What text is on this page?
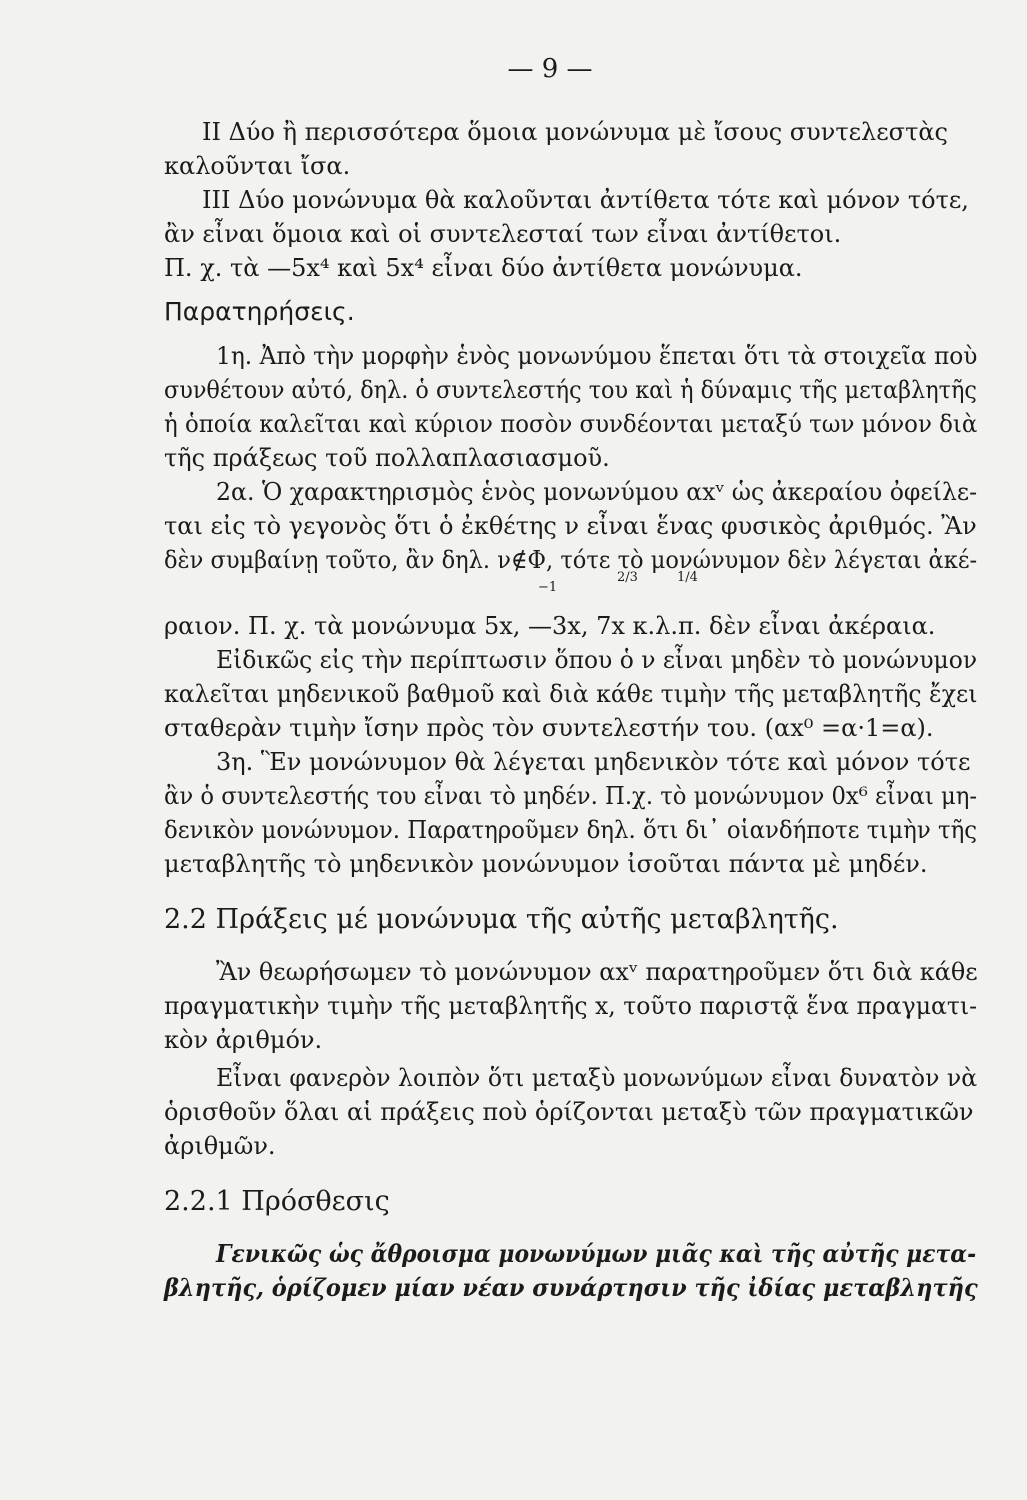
— 9 —
II Δύο ἢ περισσότερα ὅμοια μονώνυμα μὲ ἴσους συντελεστὰς
καλοῦνται ἴσα.
III Δύο μονώνυμα θὰ καλοῦνται ἀντίθετα τότε καὶ μόνον τότε,
ἂν εἶναι ὅμοια καὶ οἱ συντελεσταί των εἶναι ἀντίθετοι.
Π. χ. τὰ —5x⁴ καὶ 5x⁴ εἶναι δύο ἀντίθετα μονώνυμα.
Παρατηρήσεις.
1η. Ἀπὸ τὴν μορφὴν ἑνὸς μονωνύμου ἕπεται ὅτι τὰ στοιχεῖα ποὺ
συνθέτουν αὐτό, δηλ. ὁ συντελεστής του καὶ ἡ δύναμις τῆς μεταβλητῆς
ἡ ὁποία καλεῖται καὶ κύριον ποσὸν συνδέονται μεταξύ των μόνον διὰ
τῆς πράξεως τοῦ πολλαπλασιασμοῦ.
2α. Ὁ χαρακτηρισμὸς ἑνὸς μονωνύμου αxᵛ ὡς ἀκεραίου ὀφείλε-
ται εἰς τὸ γεγονὸς ὅτι ὁ ἐκθέτης ν εἶναι ἕνας φυσικὸς ἀριθμός. Ἂν
δὲν συμβαίνῃ τοῦτο, ἂν δηλ. ν∉Φ, τότε τὸ μονώνυμον δὲν λέγεται ἀκέ-
−1
2/3	1/4
ραιον. Π. χ. τὰ μονώνυμα 5x, —3x, 7x κ.λ.π. δὲν εἶναι ἀκέραια.
Εἰδικῶς εἰς τὴν περίπτωσιν ὅπου ὁ ν εἶναι μηδὲν τὸ μονώνυμον
καλεῖται μηδενικοῦ βαθμοῦ καὶ διὰ κάθε τιμὴν τῆς μεταβλητῆς ἔχει
σταθερὰν τιμὴν ἴσην πρὸς τὸν συντελεστήν του. (αx⁰ =α·1=α).
3η. Ἓν μονώνυμον θὰ λέγεται μηδενικὸν τότε καὶ μόνον τότε
ἂν ὁ συντελεστής του εἶναι τὸ μηδέν. Π.χ. τὸ μονώνυμον 0x⁶ εἶναι μη-
δενικὸν μονώνυμον. Παρατηροῦμεν δηλ. ὅτι δι᾽ οἱανδήποτε τιμὴν τῆς
μεταβλητῆς τὸ μηδενικὸν μονώνυμον ἰσοῦται πάντα μὲ μηδέν.
2.2 Πράξεις μέ μονώνυμα τῆς αὐτῆς μεταβλητῆς.
Ἂν θεωρήσωμεν τὸ μονώνυμον αxᵛ παρατηροῦμεν ὅτι διὰ κάθε
πραγματικὴν τιμὴν τῆς μεταβλητῆς x, τοῦτο παριστᾷ ἕνα πραγματι-
κὸν ἀριθμόν.
Εἶναι φανερὸν λοιπὸν ὅτι μεταξὺ μονωνύμων εἶναι δυνατὸν νὰ
ὁρισθοῦν ὅλαι αἱ πράξεις ποὺ ὁρίζονται μεταξὺ τῶν πραγματικῶν
ἀριθμῶν.
2.2.1 Πρόσθεσις
Γενικῶς ὡς ἄθροισμα μονωνύμων μιᾶς καὶ τῆς αὐτῆς μετα-
βλητῆς, ὁρίζομεν μίαν νέαν συνάρτησιν τῆς ἰδίας μεταβλητῆς
